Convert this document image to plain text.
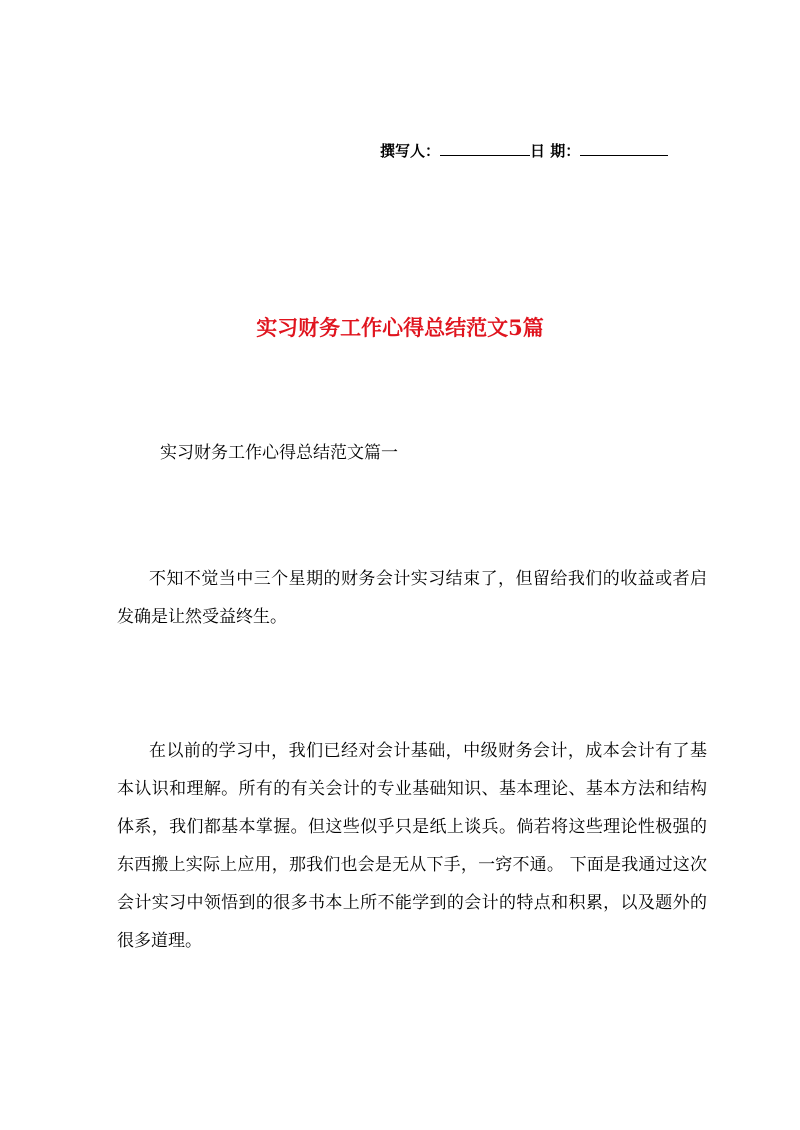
撰写人：	日 期：
实习财务工作心得总结范文5篇
实习财务工作心得总结范文篇一

不知不觉当中三个星期的财务会计实习结束了，但留给我们的收益或者启发确是让然受益终生。

在以前的学习中，我们已经对会计基础，中级财务会计，成本会计有了基本认识和理解。所有的有关会计的专业基础知识、基本理论、基本方法和结构体系，我们都基本掌握。但这些似乎只是纸上谈兵。倘若将这些理论性极强的东西搬上实际上应用，那我们也会是无从下手，一窍不通。 下面是我通过这次会计实习中领悟到的很多书本上所不能学到的会计的特点和积累，以及题外的很多道理。
